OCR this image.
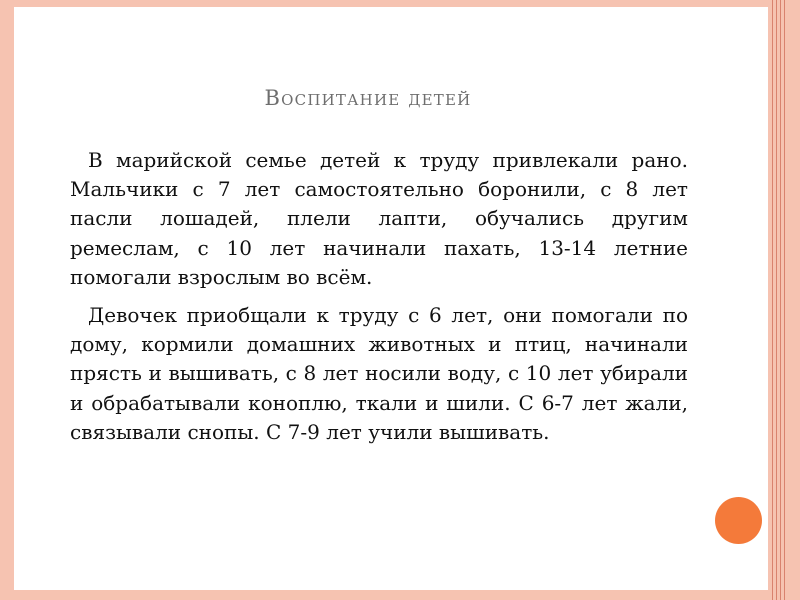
Воспитание детей

В марийской семье детей к труду привлекали рано. Мальчики с 7 лет самостоятельно боронили, с 8 лет пасли лошадей, плели лапти, обучались другим ремеслам, с 10 лет начинали пахать, 13-14 летние помогали взрослым во всём.

Девочек приобщали к труду с 6 лет, они помогали по дому, кормили домашних животных и птиц, начинали прясть и вышивать, с 8 лет носили воду, с 10 лет убирали и обрабатывали коноплю, ткали и шили. С 6-7 лет жали, связывали снопы. С 7-9 лет учили вышивать.
